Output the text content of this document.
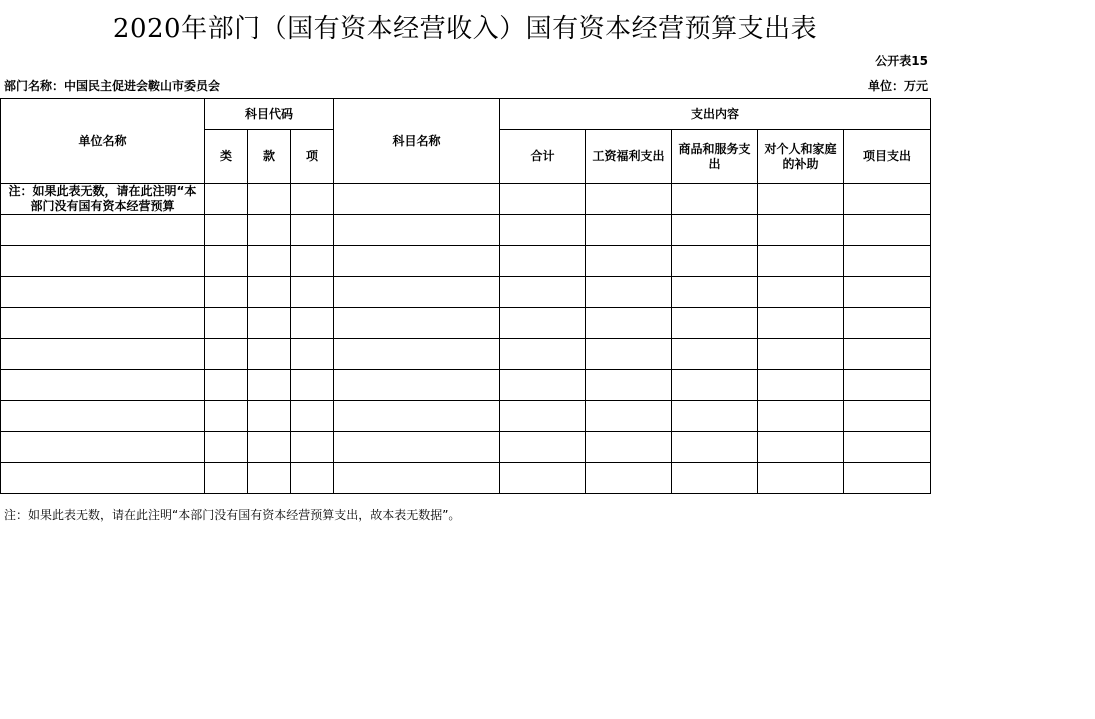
2020年部门（国有资本经营收入）国有资本经营预算支出表
公开表15
部门名称：中国民主促进会鞍山市委员会	单位：万元
单位名称	科目代码			科目名称	支出内容				
	类	款	项		合计	工资福利支出	商品和服务支出	对个人和家庭的补助	项目支出
注：如果此表无数，请在此注明“本部门没有国有资本经营预算									

注：如果此表无数，请在此注明“本部门没有国有资本经营预算支出，故本表无数据”。
